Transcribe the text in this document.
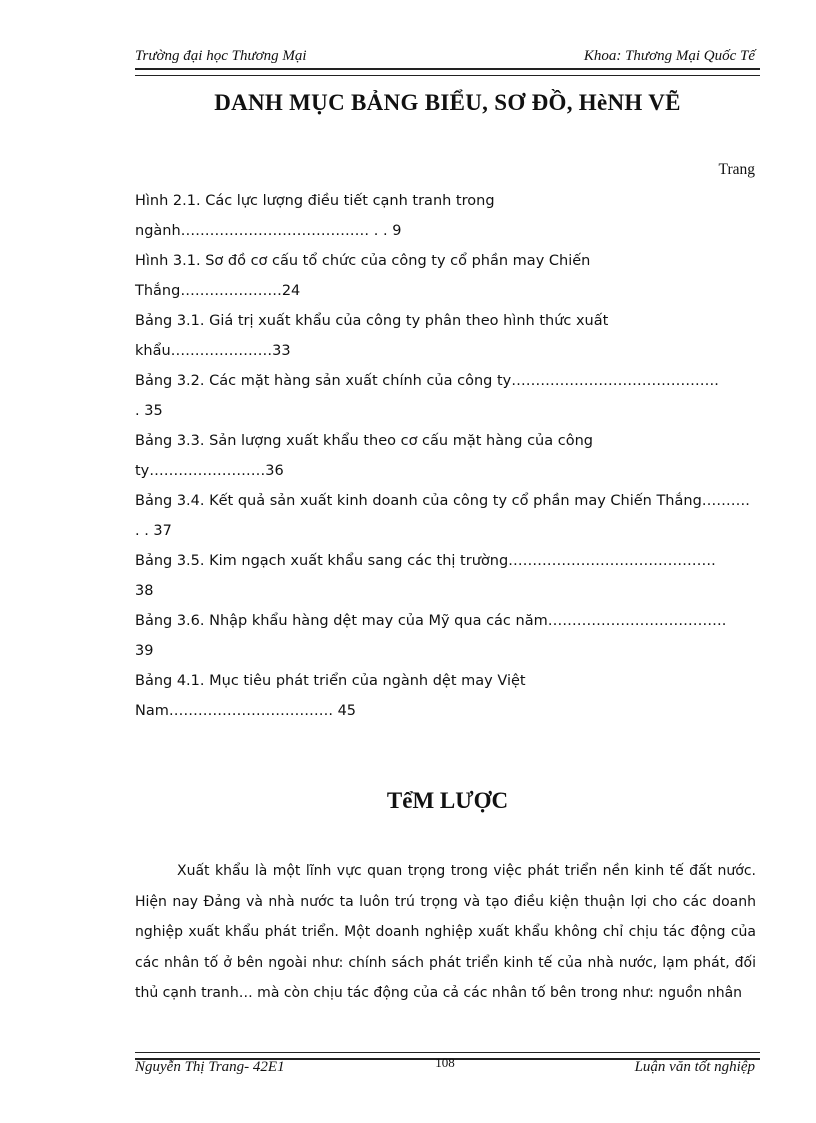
Trường đại học Thương Mại	Khoa: Thương Mại Quốc Tế
DANH MỤC BẢNG BIỂU, SƠ ĐỒ, HèNH VẼ
Trang
Hình 2.1. Các lực lượng điều tiết cạnh tranh trong
ngành………………………………… . . 9
Hình 3.1. Sơ đồ cơ cấu tổ chức của công ty cổ phần may Chiến
Thắng…………………24
Bảng 3.1. Giá trị xuất khẩu của công ty phân theo hình thức xuất
khẩu…………………33
Bảng 3.2. Các mặt hàng sản xuất chính của công ty…………………………………….
. 35
Bảng 3.3. Sản lượng xuất khẩu theo cơ cấu mặt hàng của công
ty……………………36
Bảng 3.4. Kết quả sản xuất kinh doanh của công ty cổ phần may Chiến Thắng……….
. . 37
Bảng 3.5. Kim ngạch xuất khẩu sang các thị trường…………………………………….
38
Bảng 3.6. Nhập khẩu hàng dệt may của Mỹ qua các năm……………………………….
39
Bảng 4.1. Mục tiêu phát triển của ngành dệt may Việt
Nam……………………………. 45
TểM LƯỢC

Xuất khẩu là một lĩnh vực quan trọng trong việc phát triển nền kinh tế đất nước. Hiện nay Đảng và nhà nước ta luôn trú trọng và tạo điều kiện thuận lợi cho các doanh nghiệp xuất khẩu phát triển. Một doanh nghiệp xuất khẩu không chỉ chịu tác động của các nhân tố ở bên ngoài như: chính sách phát triển kinh tế của nhà nước, lạm phát, đối thủ cạnh tranh… mà còn chịu tác động của cả các nhân tố bên trong như: nguồn nhân

Nguyễn Thị Trang- 42E1	108	Luận văn tốt nghiệp
